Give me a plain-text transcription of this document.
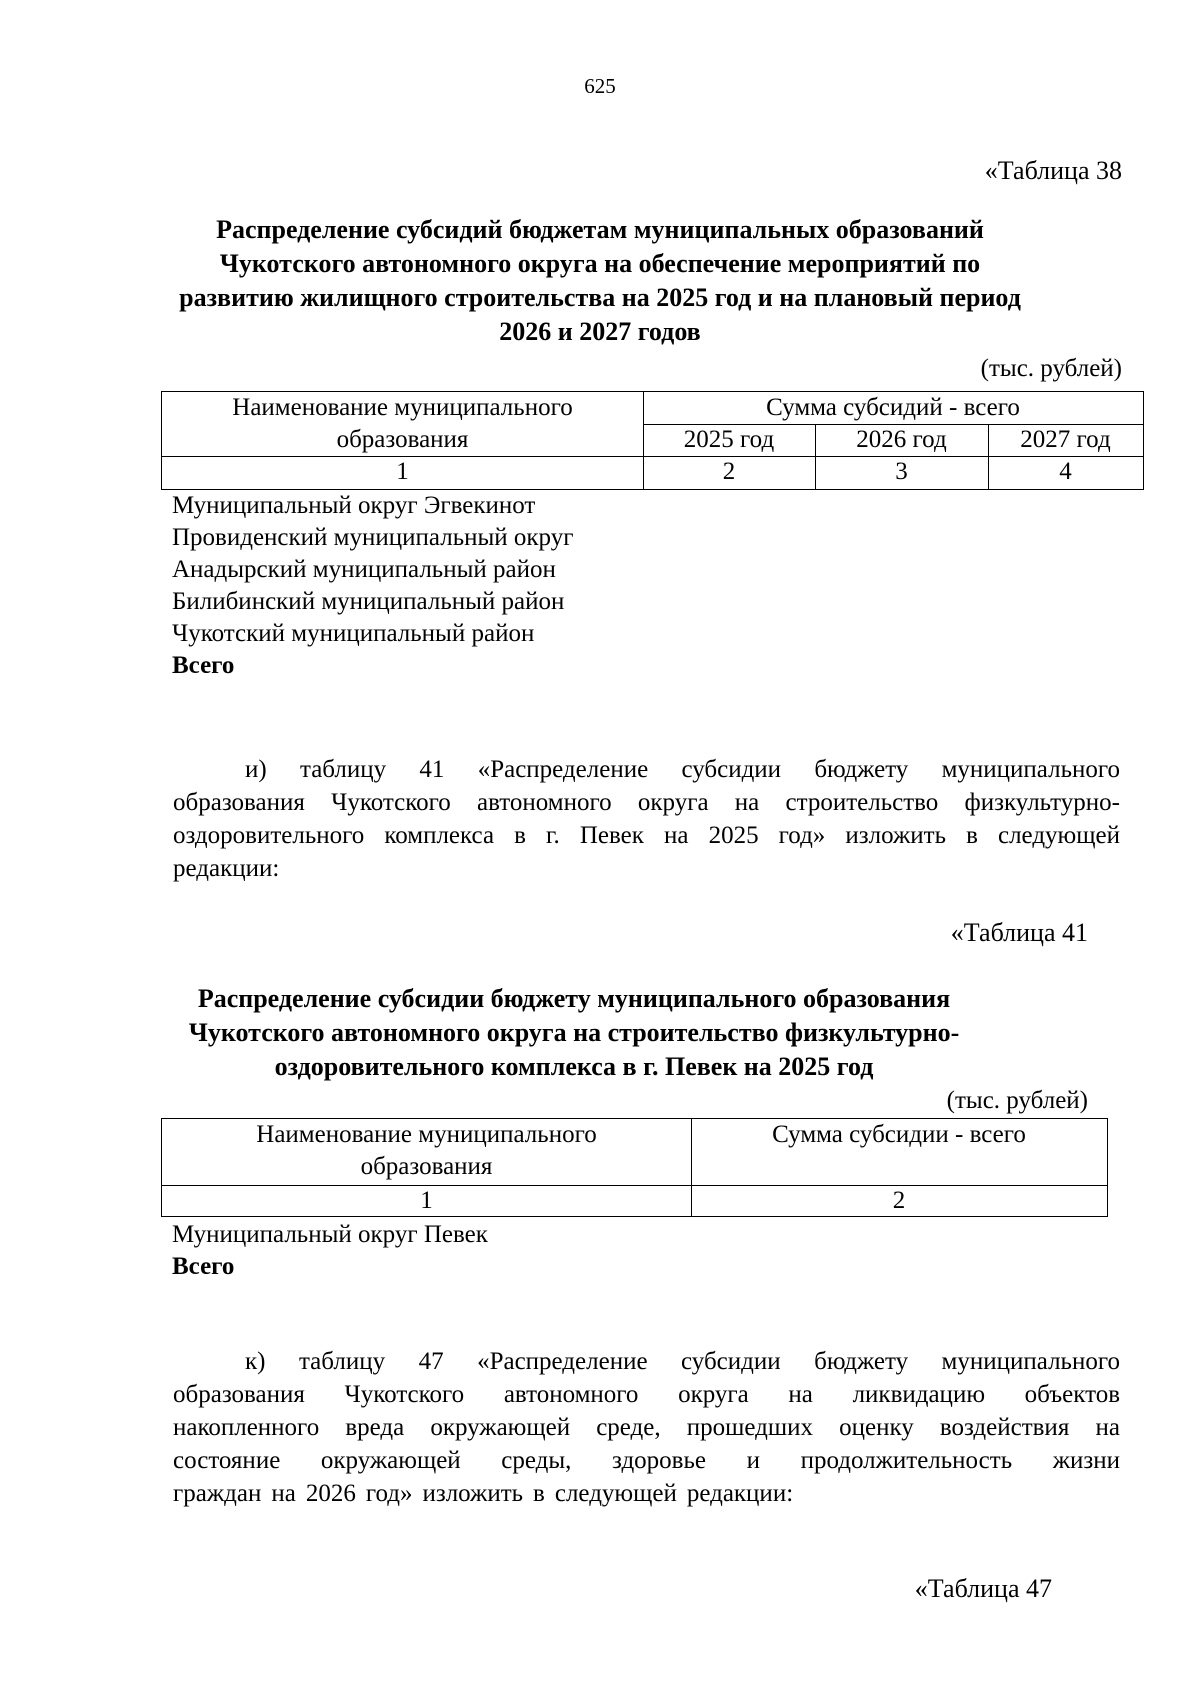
625
«Таблица 38
Распределение субсидий бюджетам муниципальных образований
Чукотского автономного округа на обеспечение мероприятий по
развитию жилищного строительства на 2025 год и на плановый период
2026 и 2027 годов
(тыс. рублей)
Наименование муниципального
образования
Сумма субсидий - всего
2025 год	2026 год	2027 год
1	2	3	4
Муниципальный округ Эгвекинот
Провиденский муниципальный округ
Анадырский муниципальный район
Билибинский муниципальный район
Чукотский муниципальный район
Всего
и) таблицу 41 «Распределение субсидии бюджету муниципального
образования Чукотского автономного округа на строительство физкультурно-
оздоровительного комплекса в г. Певек на 2025 год» изложить в следующей
редакции:
«Таблица 41
Распределение субсидии бюджету муниципального образования
Чукотского автономного округа на строительство физкультурно-
оздоровительного комплекса в г. Певек на 2025 год
(тыс. рублей)
Наименование муниципального
образования
Сумма субсидии - всего
1	2
Муниципальный округ Певек
Всего
к) таблицу 47 «Распределение субсидии бюджету муниципального
образования Чукотского автономного округа на ликвидацию объектов
накопленного вреда окружающей среде, прошедших оценку воздействия на
состояние окружающей среды, здоровье и продолжительность жизни
граждан на 2026 год» изложить в следующей редакции:
«Таблица 47
